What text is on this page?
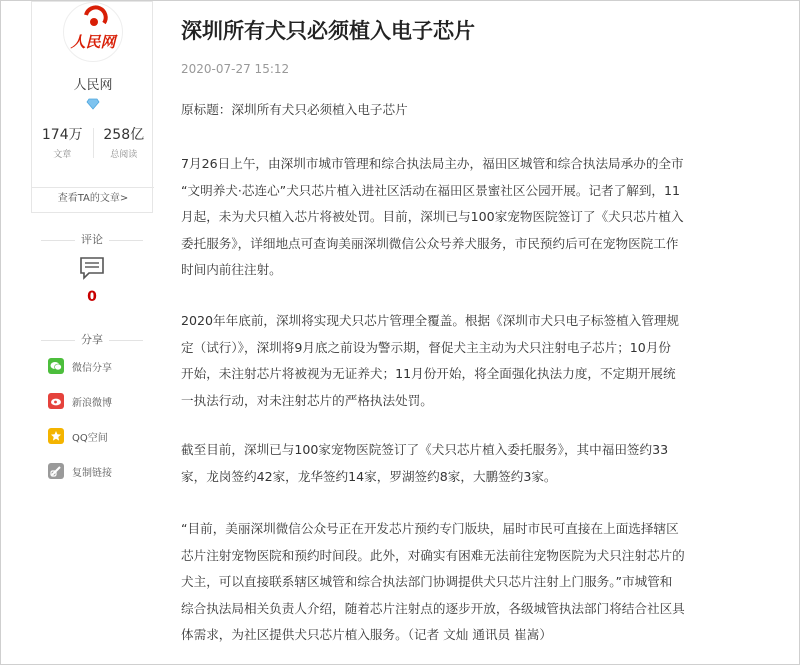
人民网
人民网
174万
文章
258亿
总阅读
查看TA的文章>
评论
0
分享
微信分享
新浪微博
QQ空间
复制链接
深圳所有犬只必须植入电子芯片
2020-07-27 15:12
原标题：深圳所有犬只必须植入电子芯片
7月26日上午，由深圳市城市管理和综合执法局主办，福田区城管和综合执法局承办的全市
“文明养犬·芯连心”犬只芯片植入进社区活动在福田区景蜜社区公园开展。记者了解到，11
月起，未为犬只植入芯片将被处罚。目前，深圳已与100家宠物医院签订了《犬只芯片植入
委托服务》，详细地点可查询美丽深圳微信公众号养犬服务，市民预约后可在宠物医院工作
时间内前往注射。
2020年年底前，深圳将实现犬只芯片管理全覆盖。根据《深圳市犬只电子标签植入管理规
定（试行）》，深圳将9月底之前设为警示期，督促犬主主动为犬只注射电子芯片；10月份
开始，未注射芯片将被视为无证养犬；11月份开始，将全面强化执法力度，不定期开展统
一执法行动，对未注射芯片的严格执法处罚。
截至目前，深圳已与100家宠物医院签订了《犬只芯片植入委托服务》，其中福田签约33
家，龙岗签约42家，龙华签约14家，罗湖签约8家，大鹏签约3家。
“目前，美丽深圳微信公众号正在开发芯片预约专门版块，届时市民可直接在上面选择辖区
芯片注射宠物医院和预约时间段。此外，对确实有困难无法前往宠物医院为犬只注射芯片的
犬主，可以直接联系辖区城管和综合执法部门协调提供犬只芯片注射上门服务。”市城管和
综合执法局相关负责人介绍，随着芯片注射点的逐步开放，各级城管执法部门将结合社区具
体需求，为社区提供犬只芯片植入服务。（记者 文灿 通讯员 崔嵩）
